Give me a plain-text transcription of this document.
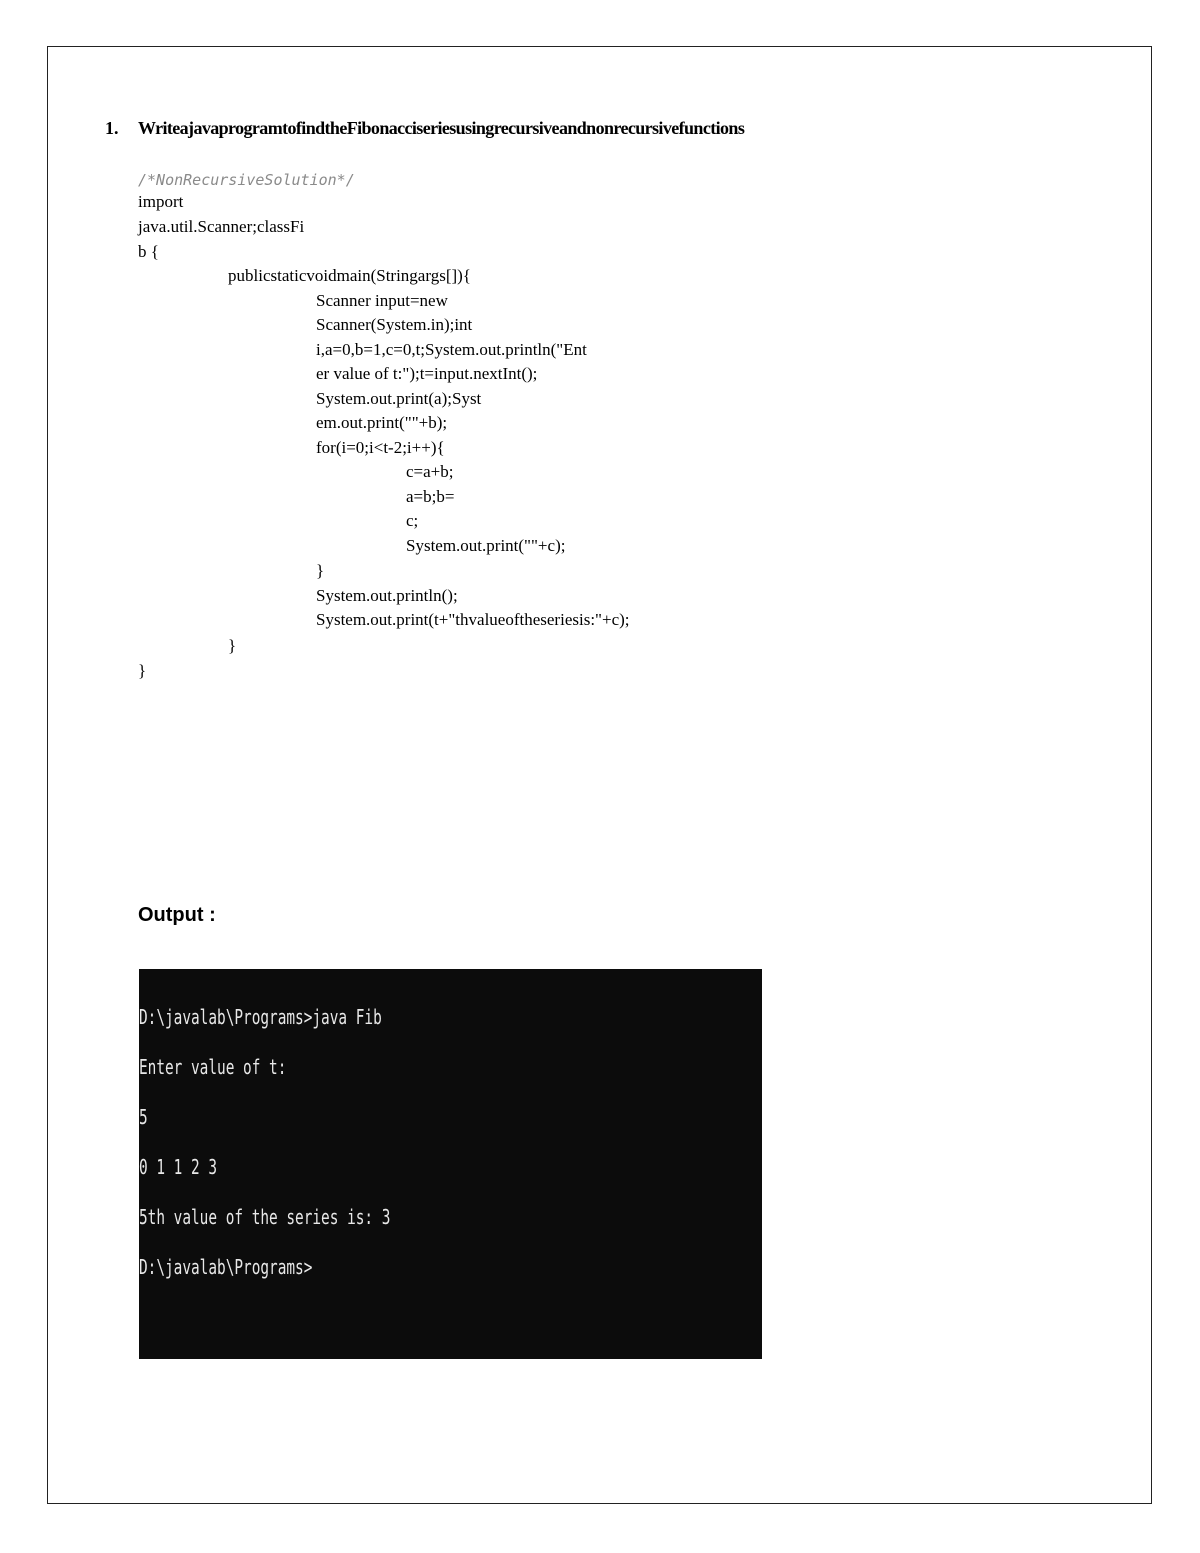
1. WriteajavaprogramtofindtheFibonacciseriesusingrecursiveandnonrecursivefunctions
/*NonRecursiveSolution*/
import
java.util.Scanner;classFi
b {
publicstaticvoidmain(Stringargs[]){
Scanner input=new
Scanner(System.in);int
i,a=0,b=1,c=0,t;System.out.println("Ent
er value of t:");t=input.nextInt();
System.out.print(a);Syst
em.out.print(""+b);
for(i=0;i<t-2;i++){
c=a+b;
a=b;b=
c;
System.out.print(""+c);
}
System.out.println();
System.out.print(t+"thvalueoftheseriesis:"+c);
}
}
Output :
D:\javalab\Programs>java Fib
Enter value of t:
5
0 1 1 2 3
5th value of the series is: 3
D:\javalab\Programs>
